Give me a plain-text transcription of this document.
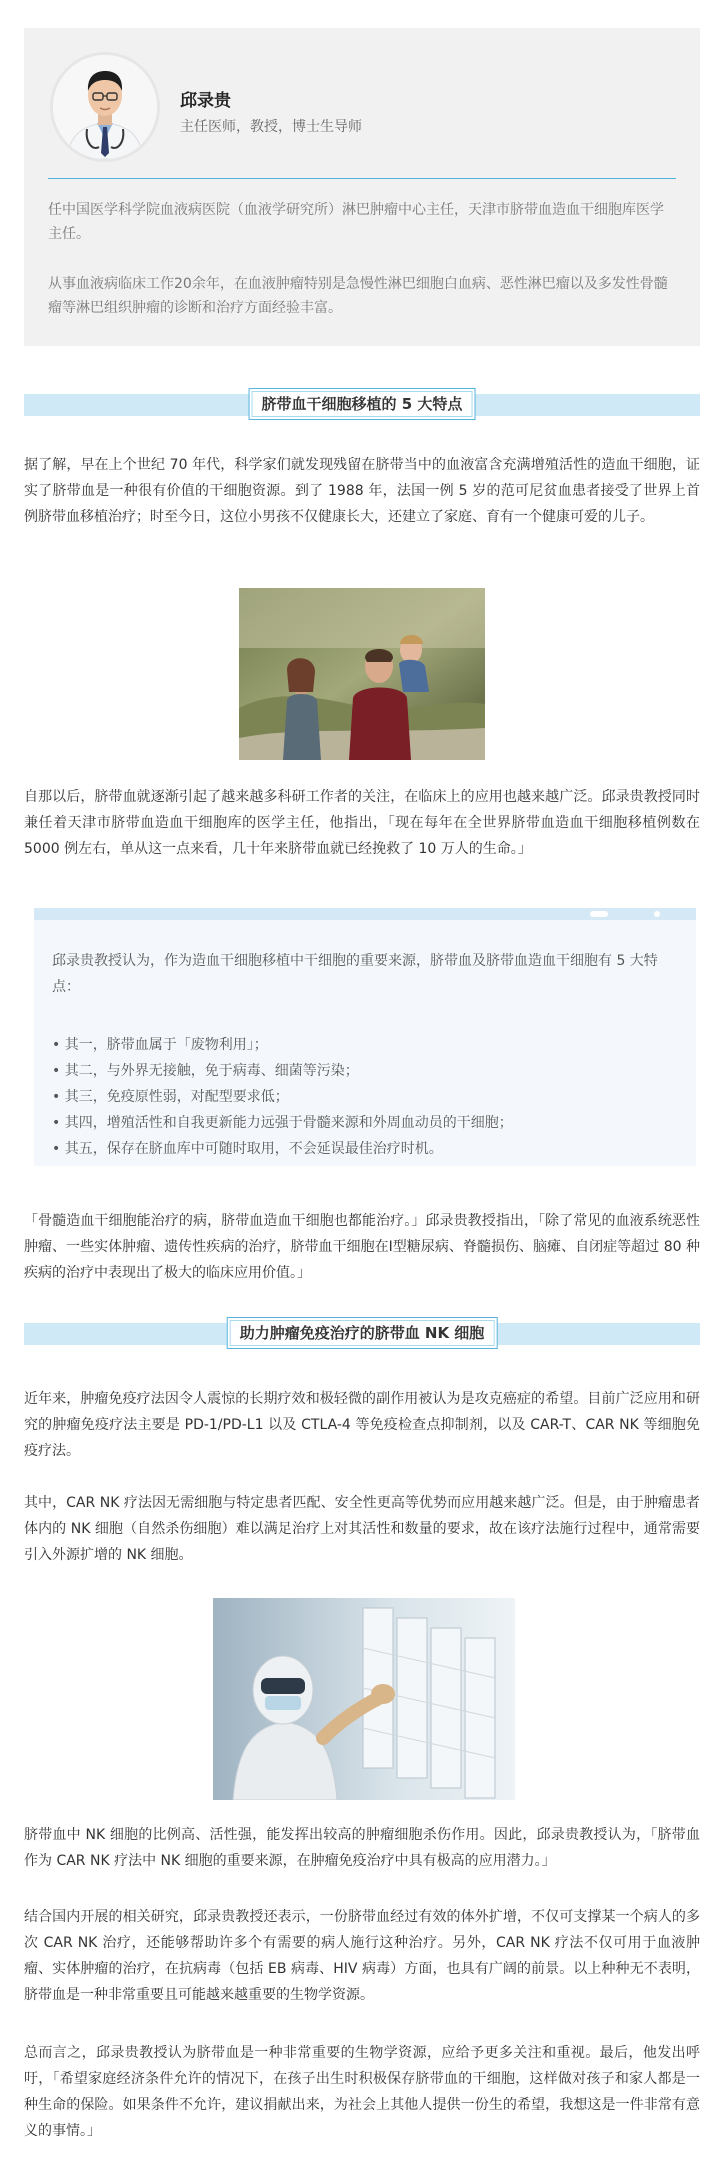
邱录贵
主任医师，教授，博士生导师

任中国医学科学院血液病医院（血液学研究所）淋巴肿瘤中心主任，天津市脐带血造血干细胞库医学主任。

从事血液病临床工作20余年，在血液肿瘤特别是急慢性淋巴细胞白血病、恶性淋巴瘤以及多发性骨髓瘤等淋巴组织肿瘤的诊断和治疗方面经验丰富。

脐带血干细胞移植的 5 大特点

据了解，早在上个世纪 70 年代，科学家们就发现残留在脐带当中的血液富含充满增殖活性的造血干细胞，证实了脐带血是一种很有价值的干细胞资源。到了 1988 年，法国一例 5 岁的范可尼贫血患者接受了世界上首例脐带血移植治疗；时至今日，这位小男孩不仅健康长大，还建立了家庭、育有一个健康可爱的儿子。

自那以后，脐带血就逐渐引起了越来越多科研工作者的关注，在临床上的应用也越来越广泛。邱录贵教授同时兼任着天津市脐带血造血干细胞库的医学主任，他指出，「现在每年在全世界脐带血造血干细胞移植例数在 5000 例左右，单从这一点来看，几十年来脐带血就已经挽救了 10 万人的生命。」

邱录贵教授认为，作为造血干细胞移植中干细胞的重要来源，脐带血及脐带血造血干细胞有 5 大特点：

• 其一，脐带血属于「废物利用」；
• 其二，与外界无接触，免于病毒、细菌等污染；
• 其三，免疫原性弱，对配型要求低；
• 其四，增殖活性和自我更新能力远强于骨髓来源和外周血动员的干细胞；
• 其五，保存在脐血库中可随时取用，不会延误最佳治疗时机。

「骨髓造血干细胞能治疗的病，脐带血造血干细胞也都能治疗。」邱录贵教授指出，「除了常见的血液系统恶性肿瘤、一些实体肿瘤、遗传性疾病的治疗，脐带血干细胞在Ⅰ型糖尿病、脊髓损伤、脑瘫、自闭症等超过 80 种疾病的治疗中表现出了极大的临床应用价值。」

助力肿瘤免疫治疗的脐带血 NK 细胞

近年来，肿瘤免疫疗法因令人震惊的长期疗效和极轻微的副作用被认为是攻克癌症的希望。目前广泛应用和研究的肿瘤免疫疗法主要是 PD-1/PD-L1 以及 CTLA-4 等免疫检查点抑制剂，以及 CAR-T、CAR NK 等细胞免疫疗法。

其中，CAR NK 疗法因无需细胞与特定患者匹配、安全性更高等优势而应用越来越广泛。但是，由于肿瘤患者体内的 NK 细胞（自然杀伤细胞）难以满足治疗上对其活性和数量的要求，故在该疗法施行过程中，通常需要引入外源扩增的 NK 细胞。

脐带血中 NK 细胞的比例高、活性强，能发挥出较高的肿瘤细胞杀伤作用。因此，邱录贵教授认为，「脐带血作为 CAR NK 疗法中 NK 细胞的重要来源，在肿瘤免疫治疗中具有极高的应用潜力。」

结合国内开展的相关研究，邱录贵教授还表示，一份脐带血经过有效的体外扩增，不仅可支撑某一个病人的多次 CAR NK 治疗，还能够帮助许多个有需要的病人施行这种治疗。另外，CAR NK 疗法不仅可用于血液肿瘤、实体肿瘤的治疗，在抗病毒（包括 EB 病毒、HIV 病毒）方面，也具有广阔的前景。以上种种无不表明，脐带血是一种非常重要且可能越来越重要的生物学资源。

总而言之，邱录贵教授认为脐带血是一种非常重要的生物学资源，应给予更多关注和重视。最后，他发出呼吁，「希望家庭经济条件允许的情况下，在孩子出生时积极保存脐带血的干细胞，这样做对孩子和家人都是一种生命的保险。如果条件不允许，建议捐献出来，为社会上其他人提供一份生的希望，我想这是一件非常有意义的事情。」
